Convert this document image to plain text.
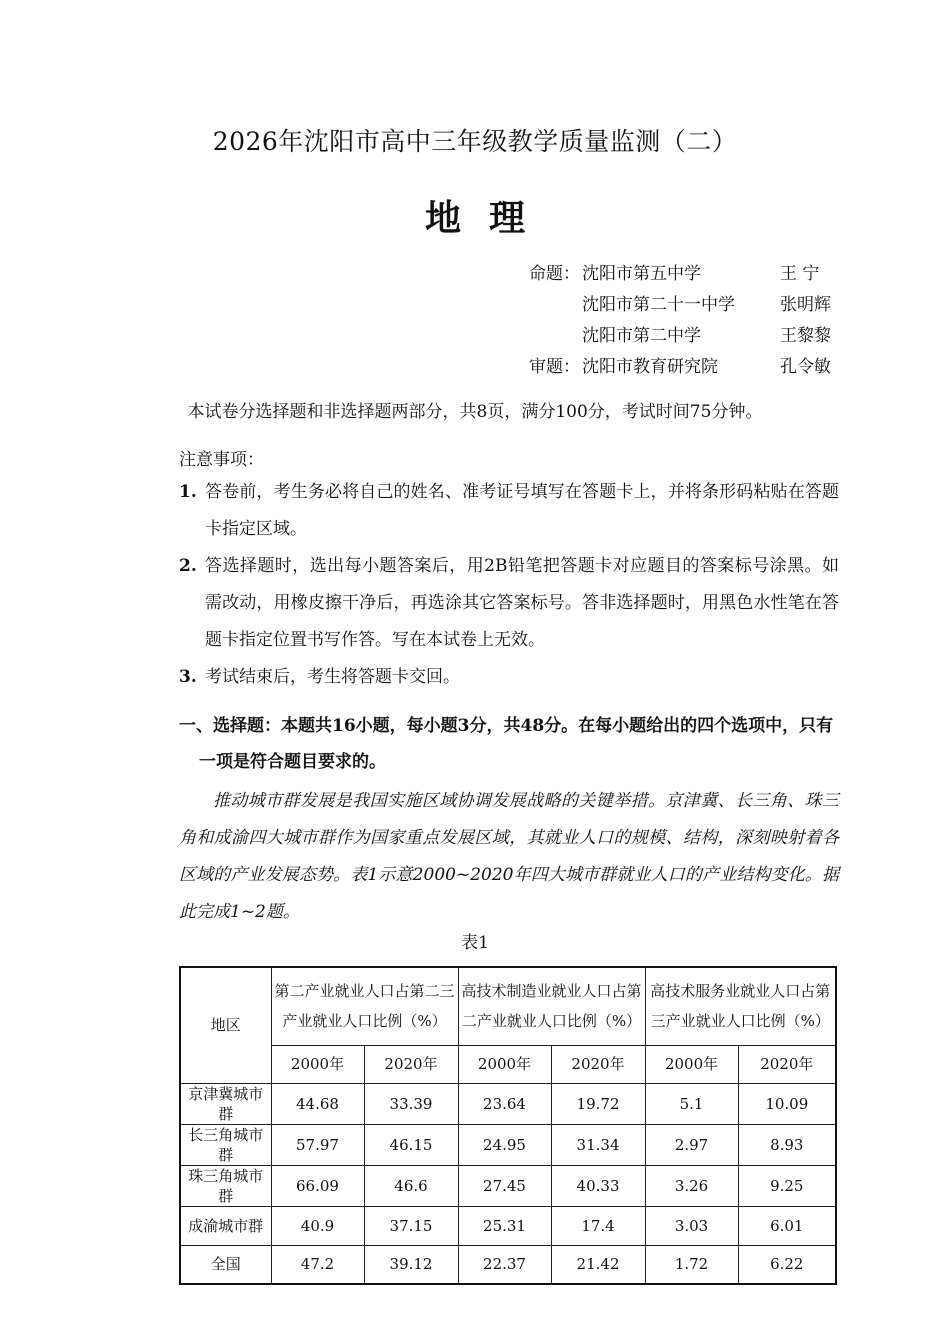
2026年沈阳市高中三年级教学质量监测（二）
地理
命题： 沈阳市第五中学	王 宁
沈阳市第二十一中学	张明辉
沈阳市第二中学	王黎黎
审题： 沈阳市教育研究院	孔令敏
本试卷分选择题和非选择题两部分，共8页，满分100分，考试时间75分钟。
注意事项：
1. 答卷前，考生务必将自己的姓名、准考证号填写在答题卡上，并将条形码粘贴在答题卡指定区域。
2. 答选择题时，选出每小题答案后，用2B铅笔把答题卡对应题目的答案标号涂黑。如需改动，用橡皮擦干净后，再选涂其它答案标号。答非选择题时，用黑色水性笔在答题卡指定位置书写作答。写在本试卷上无效。
3. 考试结束后，考生将答题卡交回。
一、选择题：本题共16小题，每小题3分，共48分。在每小题给出的四个选项中，只有一项是符合题目要求的。
推动城市群发展是我国实施区域协调发展战略的关键举措。京津冀、长三角、珠三角和成渝四大城市群作为国家重点发展区域，其就业人口的规模、结构，深刻映射着各区域的产业发展态势。表1示意2000~2020年四大城市群就业人口的产业结构变化。据此完成1~2题。
表1
地区	第二产业就业人口占第二三产业就业人口比例（%）		高技术制造业就业人口占第二产业就业人口比例（%）		高技术服务业就业人口占第三产业就业人口比例（%）	
	2000年	2020年	2000年	2020年	2000年	2020年
京津冀城市群	44.68	33.39	23.64	19.72	5.1	10.09
长三角城市群	57.97	46.15	24.95	31.34	2.97	8.93
珠三角城市群	66.09	46.6	27.45	40.33	3.26	9.25
成渝城市群	40.9	37.15	25.31	17.4	3.03	6.01
全国	47.2	39.12	22.37	21.42	1.72	6.22
